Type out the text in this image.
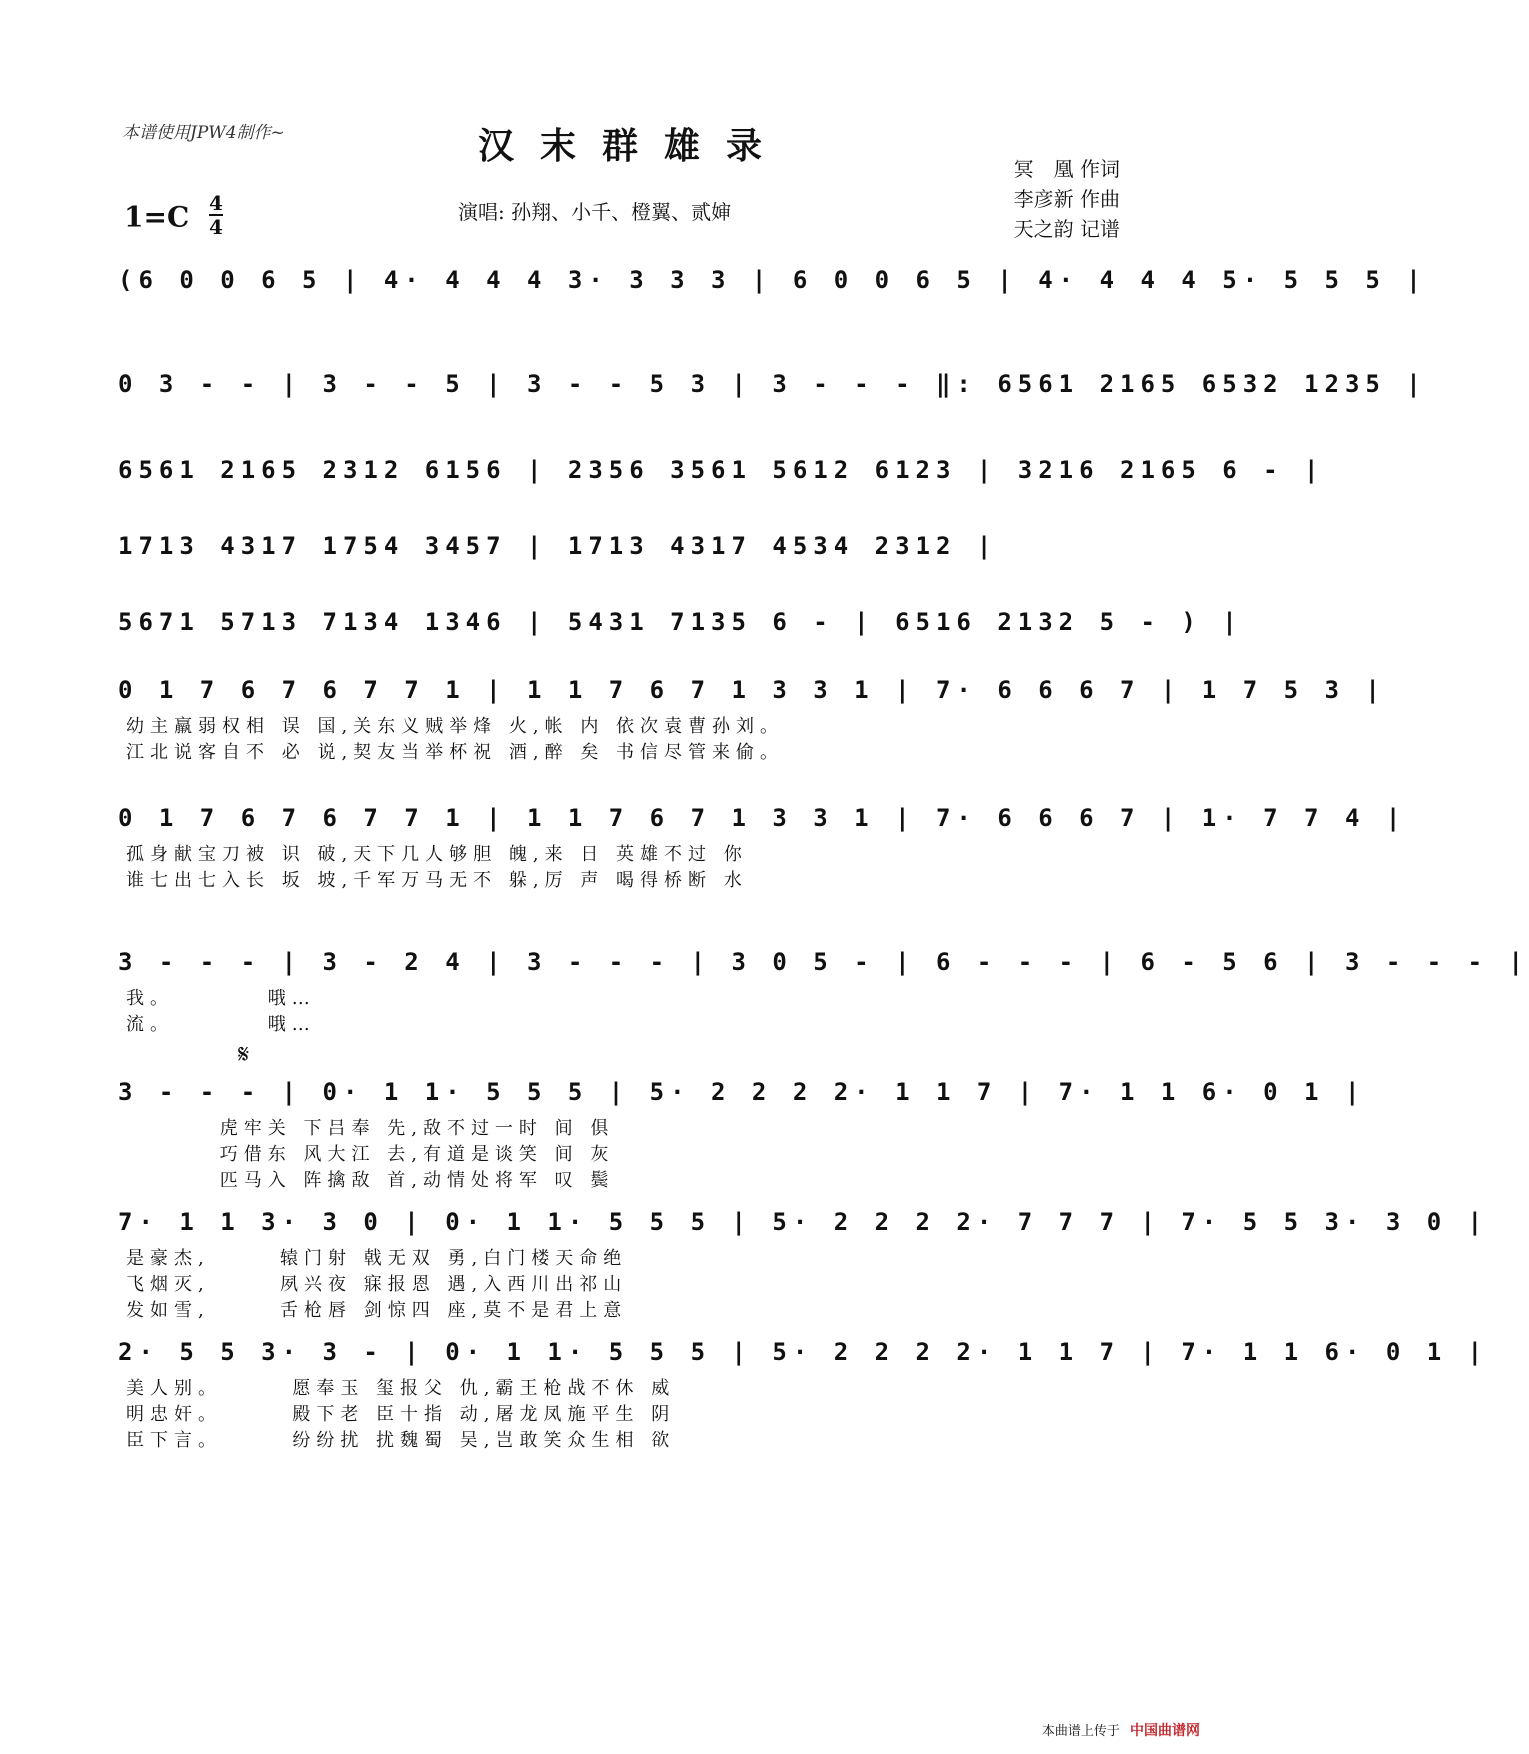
本谱使用JPW4制作~	汉末群雄录
$1=C \frac{4}{4}$	演唱: 孙翔、小千、橙翼、贰婶
冥　凰 作词
李彦新 作曲
天之韵 记谱
𝄋
(6 0 0 6 5 | 4· 4 4 4 3· 3 3 3 | 6 0 0 6 5 | 4· 4 4 4 5· 5 5 5 |
0 3 - - | 3 - - 5 | 3 - - 5 3 | 3 - - - ‖: 6561 2165 6532 1235 |
6561 2165 2312 6156 | 2356 3561 5612 6123 | 3216 2165 6 - |
1713 4317 1754 3457 | 1713 4317 4534 2312 |
5671 5713 7134 1346 | 5431 7135 6 - | 6516 2132 5 - ) |
0 1 7 6 7 6 7 7 1 | 1 1 7 6 7 1 3 3 1 | 7· 6 6 6 7 | 1 7 5 3 |
幼主羸弱权相 误 国,关东义贼举烽 火,帐 内 依次袁曹孙刘。
江北说客自不 必 说,契友当举杯祝 酒,醉 矣 书信尽管来偷。
0 1 7 6 7 6 7 7 1 | 1 1 7 6 7 1 3 3 1 | 7· 6 6 6 7 | 1· 7 7 4 |
孤身献宝刀被 识 破,天下几人够胆 魄,来 日 英雄不过 你
谁七出七入长 坂 坡,千军万马无不 躲,厉 声 喝得桥断 水
3 - - - | 3 - 2 4 | 3 - - - | 3 0 5 - | 6 - - - | 6 - 5 6 | 3 - - - |
我。        哦…
流。        哦…
3 - - - | 0· 1 1· 5 5 5 | 5· 2 2 2 2· 1 1 7 | 7· 1 1 6· 0 1 |
虎牢关 下吕奉 先,敌不过一时 间 俱
巧借东 风大江 去,有道是谈笑 间 灰
匹马入 阵擒敌 首,动情处将军 叹 鬓
7· 1 1 3· 3 0 | 0· 1 1· 5 5 5 | 5· 2 2 2 2· 7 7 7 | 7· 5 5 3· 3 0 |
是豪杰,      辕门射 戟无双 勇,白门楼天命绝
飞烟灭,      夙兴夜 寐报恩 遇,入西川出祁山
发如雪,      舌枪唇 剑惊四 座,莫不是君上意
2· 5 5 3· 3 - | 0· 1 1· 5 5 5 | 5· 2 2 2 2· 1 1 7 | 7· 1 1 6· 0 1 |
美人别。      愿奉玉 玺报父 仇,霸王枪战不休 威
明忠奸。      殿下老 臣十指 动,屠龙凤施平生 阴
臣下言。      纷纷扰 扰魏蜀 吴,岂敢笑众生相 欲
本曲谱上传于 中国曲谱网
